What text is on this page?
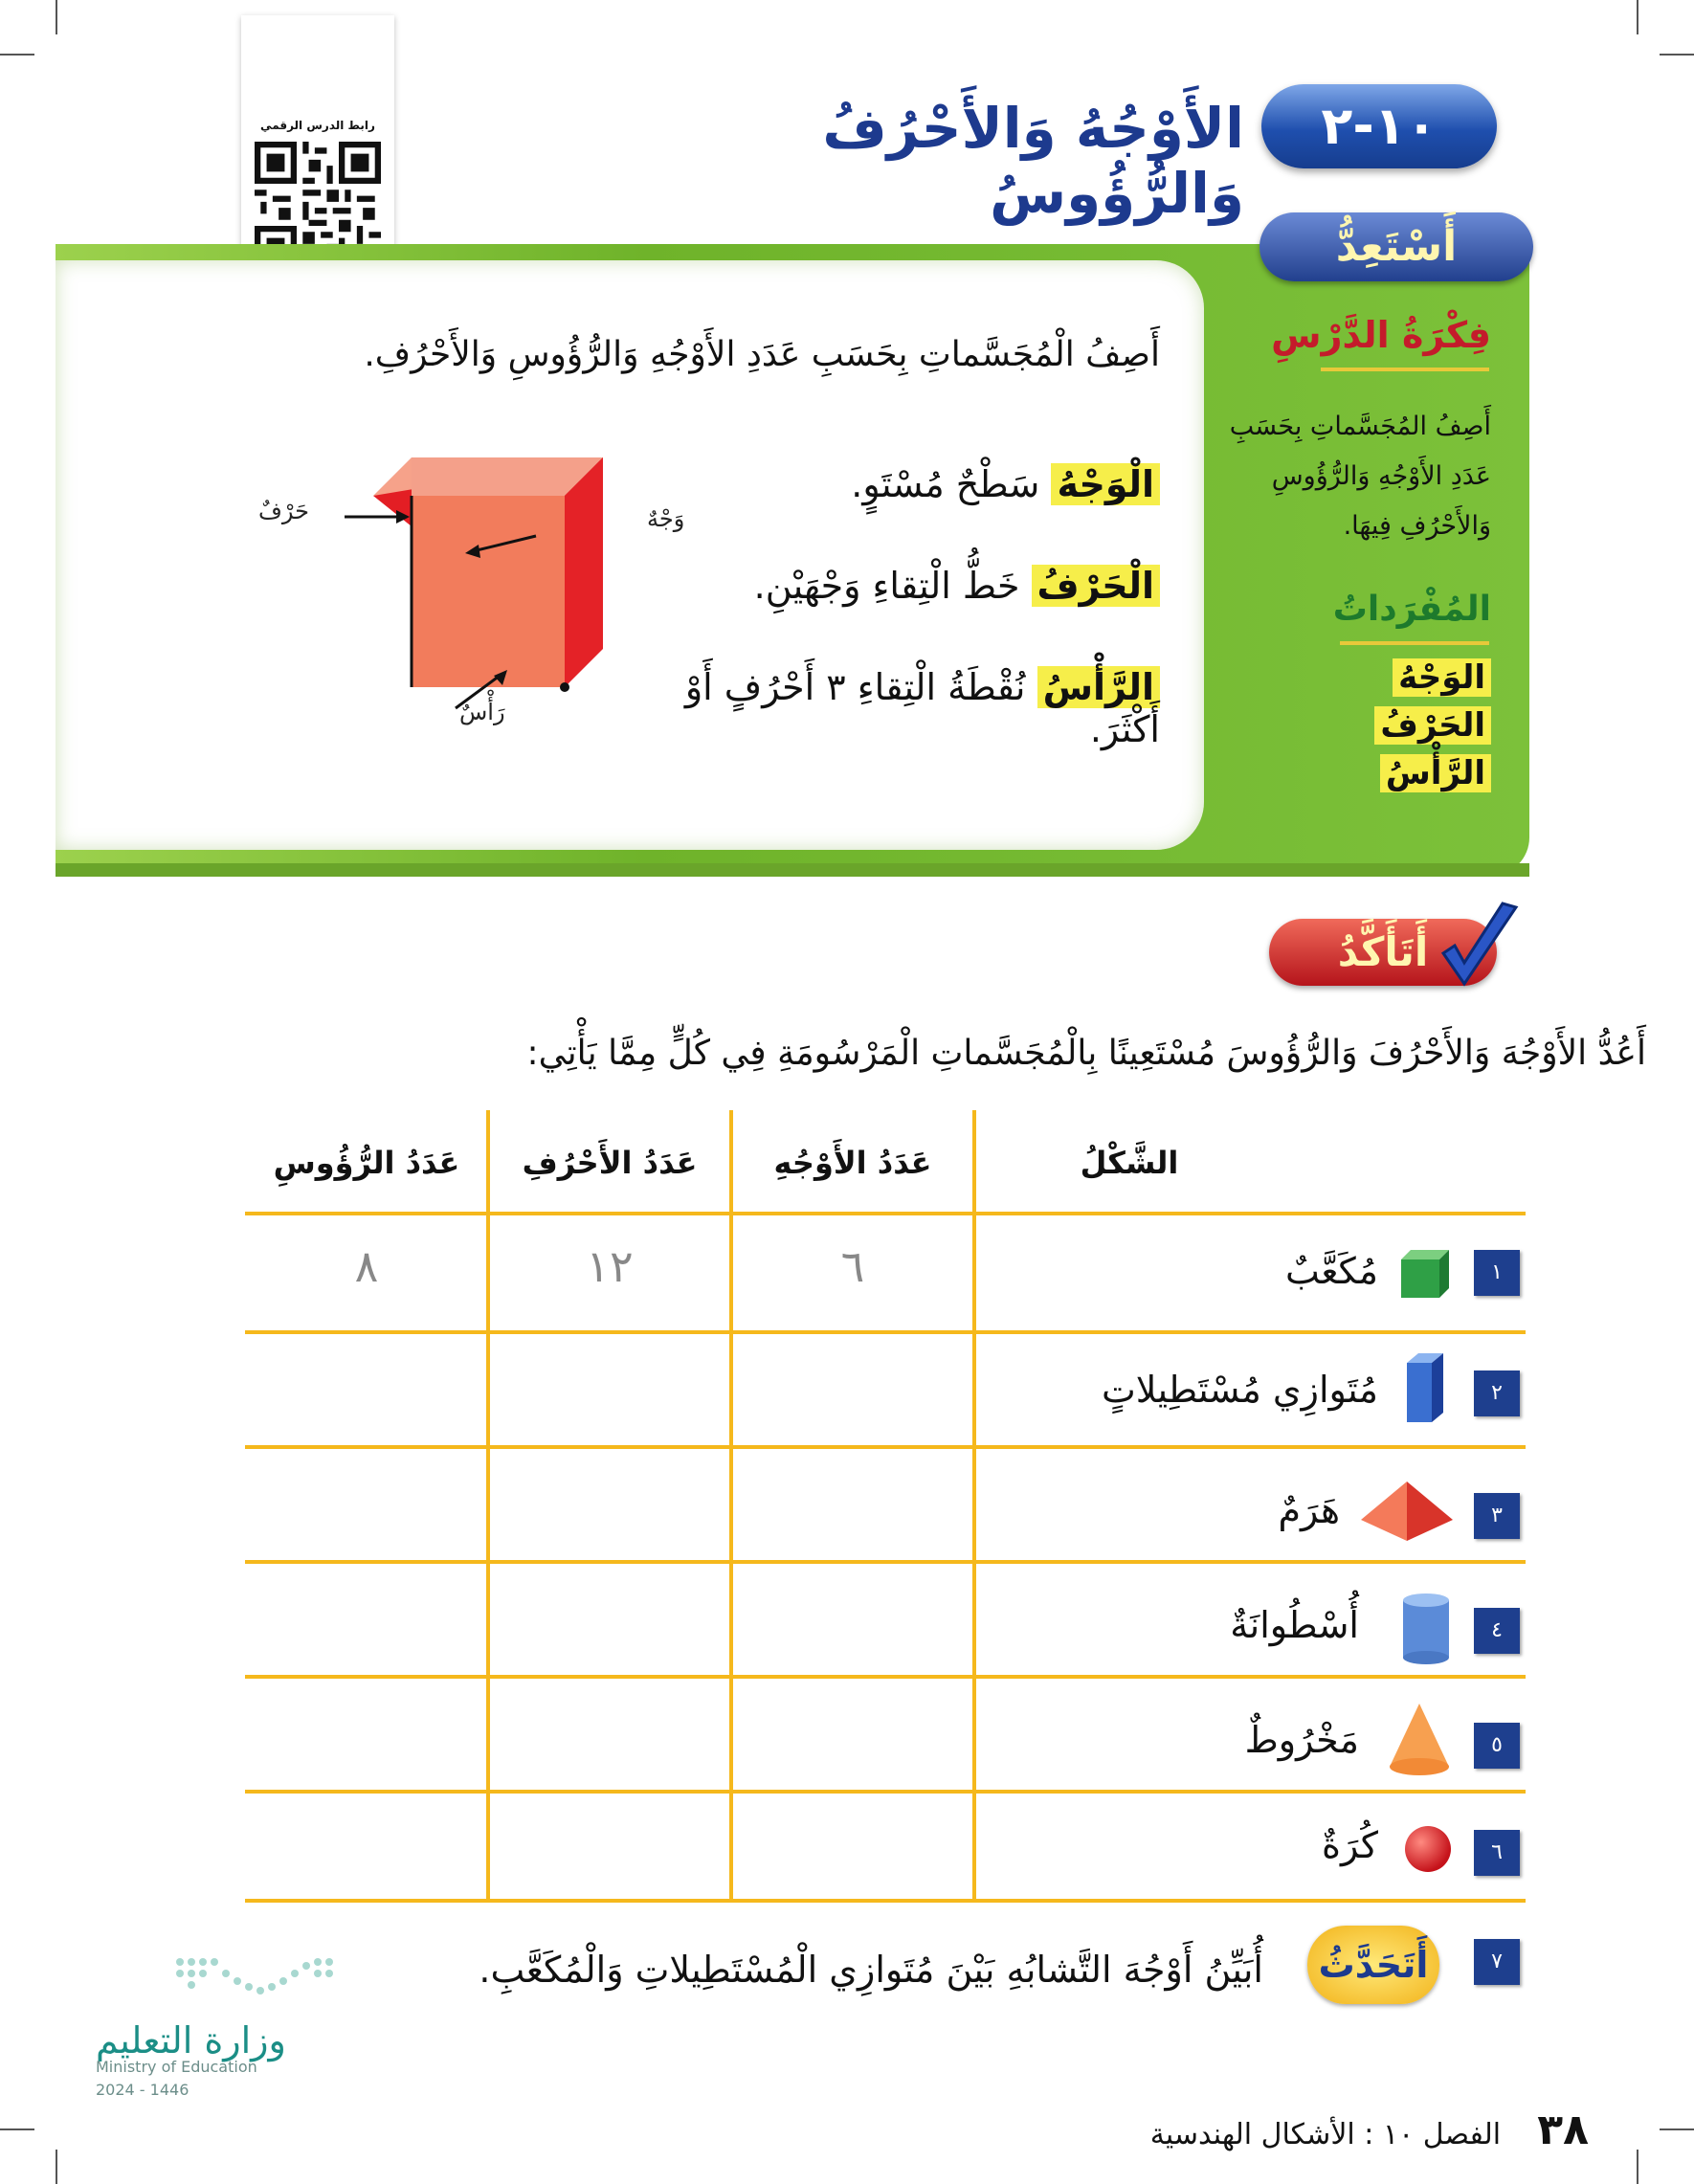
رابط الدرس الرقمي	الأَوْجُهُ وَالأَحْرُفُ وَالرُّؤُوسُ
١٠-٢
أَسْتَعِدُّ
فِكْرَةُ الدَّرْسِ
أَصِفُ المُجَسَّماتِ بِحَسَبِ
عَدَدِ الأَوْجُهِ وَالرُّؤُوسِ
وَالأَحْرُفِ فِيهَا.
المُفْرَداتُ
الوَجْهُ
الحَرْفُ
الرَّأْسُ
أَصِفُ الْمُجَسَّماتِ بِحَسَبِ عَدَدِ الأَوْجُهِ وَالرُّؤُوسِ وَالأَحْرُفِ.
الْوَجْهُ سَطْحٌ مُسْتَوٍ.
الْحَرْفُ خَطُّ الْتِقاءِ وَجْهَيْنِ.
الرَّأْسُ نُقْطَةُ الْتِقاءِ ٣ أَحْرُفٍ أَوْ أَكْثَرَ.
حَرْفٌ	وَجْهٌ
رَأْسٌ
أَتَأَكَّدُ
أَعُدُّ الأَوْجُهَ وَالأَحْرُفَ وَالرُّؤُوسَ مُسْتَعِينًا بِالْمُجَسَّماتِ الْمَرْسُومَةِ فِي كُلٍّ مِمَّا يَأْتِي:
الشَّكْلُ
عَدَدُ الأَوْجُهِ
عَدَدُ الأَحْرُفِ
عَدَدُ الرُّؤُوسِ
١
مُكَعَّبٌ
٦
١٢
٨
٢
مُتَوازِي مُسْتَطِيلاتٍ
٣
هَرَمٌ
٤
أُسْطُوانَةٌ
٥
مَخْرُوطٌ
٦
كُرَةٌ
٧
أَتَحَدَّثُ
أُبَيِّنُ أَوْجُهَ التَّشابُهِ بَيْنَ مُتَوازِي الْمُسْتَطِيلاتِ وَالْمُكَعَّبِ.
وزارة التعليم
Ministry of Education
2024 - 1446
٣٨    الفصل ١٠ : الأشكال الهندسية
